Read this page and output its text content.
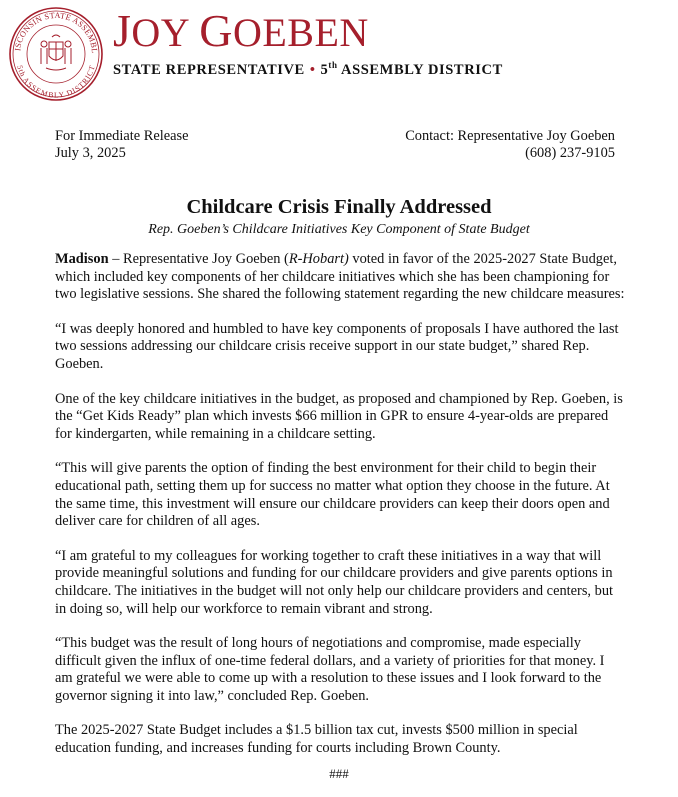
ISCONSIN STATE ASSEMBL
5th ASSEMBLY DISTRICT
JOY GOEBEN
STATE REPRESENTATIVE • 5th ASSEMBLY DISTRICT
For Immediate Release
July 3, 2025
Contact: Representative Joy Goeben
(608) 237-9105
Childcare Crisis Finally Addressed
Rep. Goeben’s Childcare Initiatives Key Component of State Budget

Madison – Representative Joy Goeben (R-Hobart) voted in favor of the 2025-2027 State Budget, which included key components of her childcare initiatives which she has been championing for two legislative sessions. She shared the following statement regarding the new childcare measures:

“I was deeply honored and humbled to have key components of proposals I have authored the last two sessions addressing our childcare crisis receive support in our state budget,” shared Rep. Goeben.

One of the key childcare initiatives in the budget, as proposed and championed by Rep. Goeben, is the “Get Kids Ready” plan which invests $66 million in GPR to ensure 4-year-olds are prepared for kindergarten, while remaining in a childcare setting.

“This will give parents the option of finding the best environment for their child to begin their educational path, setting them up for success no matter what option they choose in the future. At the same time, this investment will ensure our childcare providers can keep their doors open and deliver care for children of all ages.

“I am grateful to my colleagues for working together to craft these initiatives in a way that will provide meaningful solutions and funding for our childcare providers and give parents options in childcare. The initiatives in the budget will not only help our childcare providers and centers, but in doing so, will help our workforce to remain vibrant and strong.

“This budget was the result of long hours of negotiations and compromise, made especially difficult given the influx of one-time federal dollars, and a variety of priorities for that money. I am grateful we were able to come up with a resolution to these issues and I look forward to the governor signing it into law,” concluded Rep. Goeben.

The 2025-2027 State Budget includes a $1.5 billion tax cut, invests $500 million in special education funding, and increases funding for courts including Brown County.

###
